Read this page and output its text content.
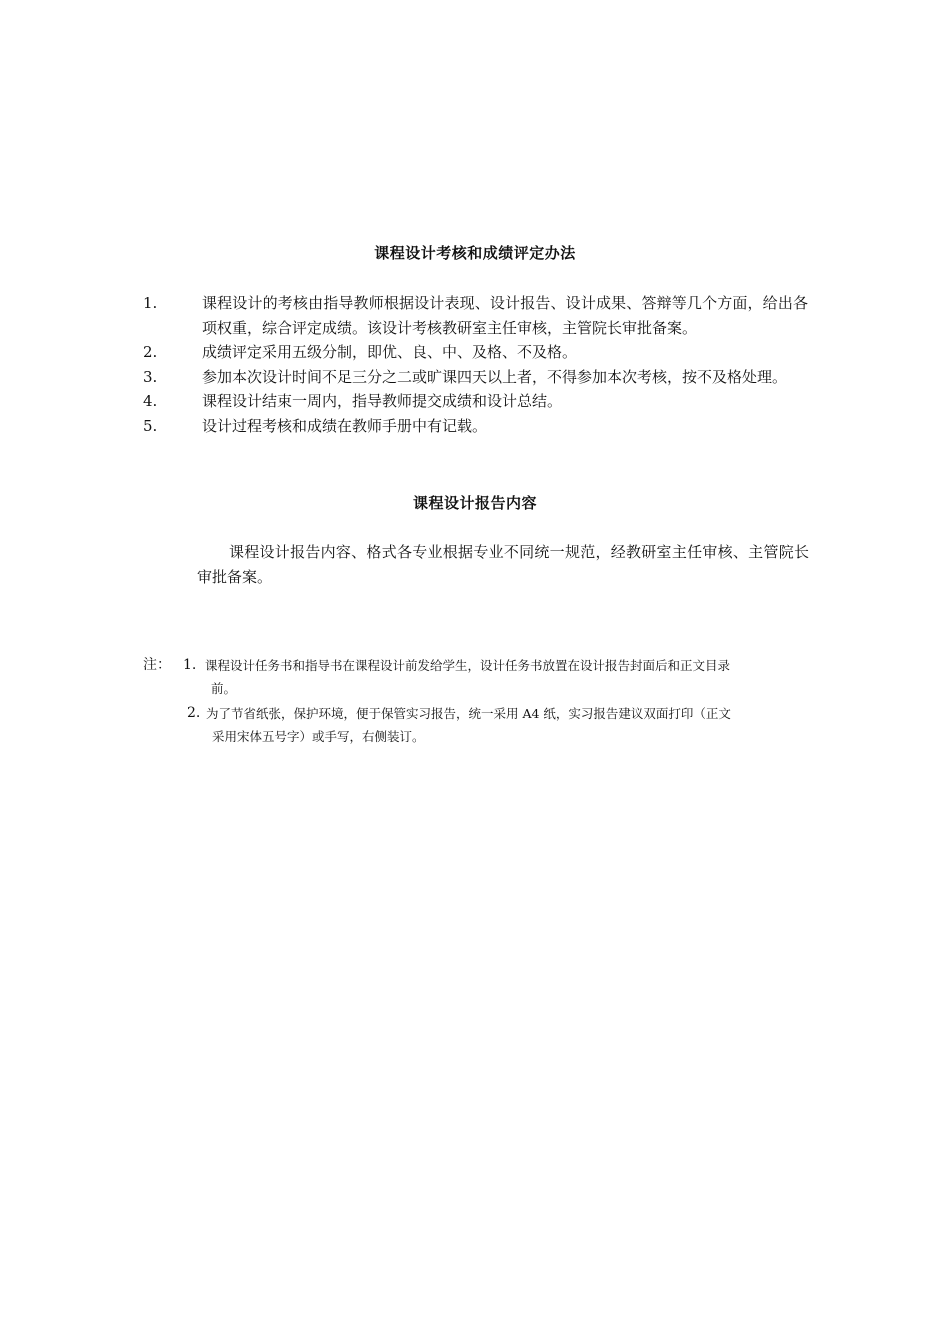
课程设计考核和成绩评定办法
1.	课程设计的考核由指导教师根据设计表现、设计报告、设计成果、答辩等几个方面，给出各项权重，综合评定成绩。该设计考核教研室主任审核，主管院长审批备案。
2.	成绩评定采用五级分制，即优、良、中、及格、不及格。
3.	参加本次设计时间不足三分之二或旷课四天以上者，不得参加本次考核，按不及格处理。
4.	课程设计结束一周内，指导教师提交成绩和设计总结。
5.	设计过程考核和成绩在教师手册中有记载。
课程设计报告内容

课程设计报告内容、格式各专业根据专业不同统一规范，经教研室主任审核、主管院长审批备案。

注： 1. 课程设计任务书和指导书在课程设计前发给学生，设计任务书放置在设计报告封面后和正文目录

前。
2. 为了节省纸张，保护环境，便于保管实习报告，统一采用 A4 纸，实习报告建议双面打印（正文

采用宋体五号字）或手写，右侧装订。
